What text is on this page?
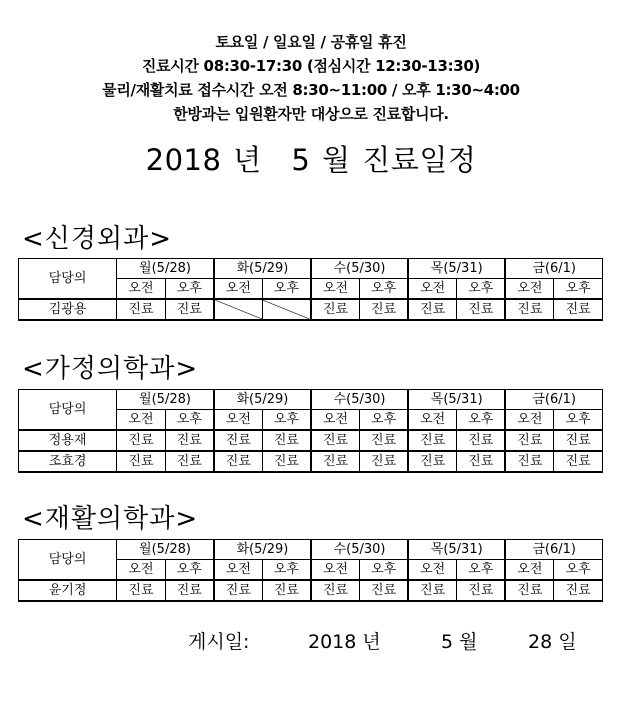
토요일 / 일요일 / 공휴일 휴진
진료시간 08:30-17:30 (점심시간 12:30-13:30)
물리/재활치료 접수시간 오전 8:30~11:00 / 오후 1:30~4:00
한방과는 입원환자만 대상으로 진료합니다.
2018 년 5 월 진료일정
<신경외과>
담당의	월(5/28)		화(5/29)		수(5/30)		목(5/31)		금(6/1)	
	오전	오후	오전	오후	오전	오후	오전	오후	오전	오후
김광용	진료	진료			진료	진료	진료	진료	진료	진료
<가정의학과>
담당의	월(5/28)		화(5/29)		수(5/30)		목(5/31)		금(6/1)	
	오전	오후	오전	오후	오전	오후	오전	오후	오전	오후
정용재	진료	진료	진료	진료	진료	진료	진료	진료	진료	진료
조효경	진료	진료	진료	진료	진료	진료	진료	진료	진료	진료
<재활의학과>
담당의	월(5/28)		화(5/29)		수(5/30)		목(5/31)		금(6/1)	
	오전	오후	오전	오후	오전	오후	오전	오후	오전	오후
윤기정	진료	진료	진료	진료	진료	진료	진료	진료	진료	진료
게시일:	2018 년	5 월	28 일
